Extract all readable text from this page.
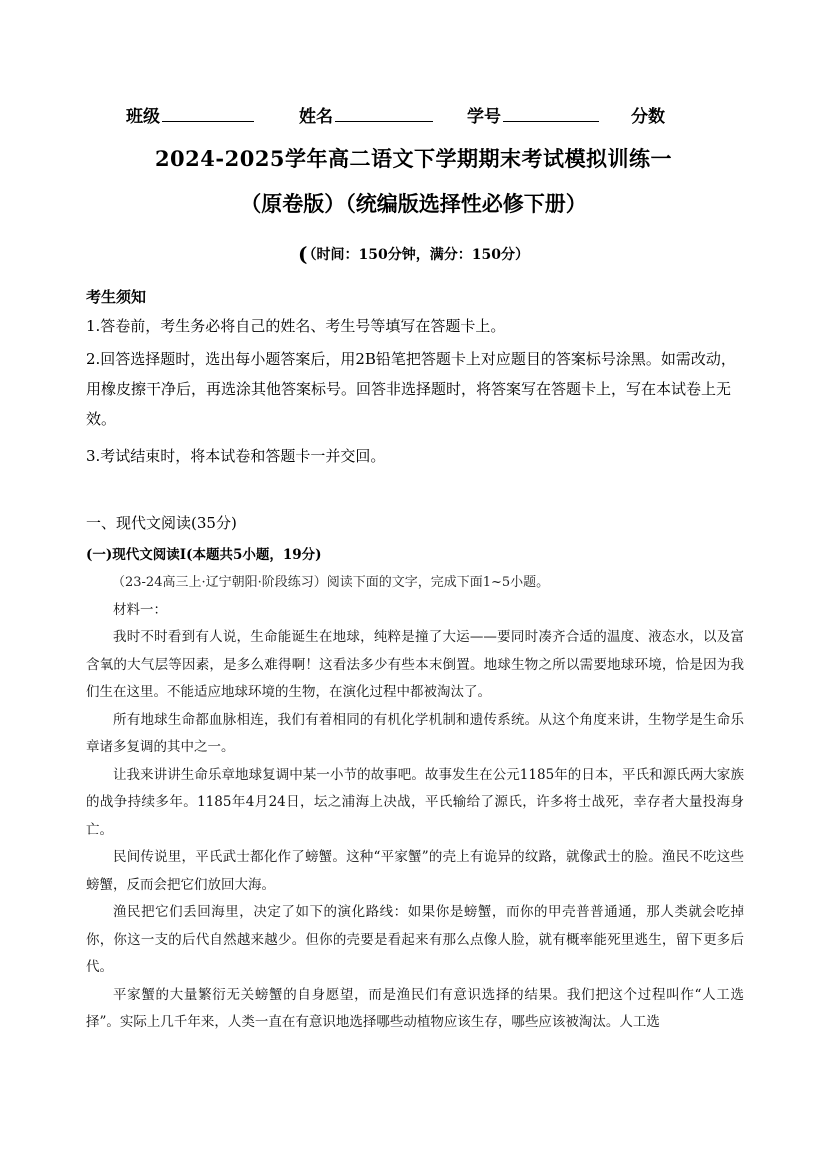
班级	姓名	学号	分数
2024-2025学年高二语文下学期期末考试模拟训练一
（原卷版）（统编版选择性必修下册）
( （时间：150分钟，满分：150分）
考生须知

1.答卷前，考生务必将自己的姓名、考生号等填写在答题卡上。

2.回答选择题时，选出每小题答案后，用2B铅笔把答题卡上对应题目的答案标号涂黑。如需改动，用橡皮擦干净后，再选涂其他答案标号。回答非选择题时，将答案写在答题卡上，写在本试卷上无效。

3.考试结束时，将本试卷和答题卡一并交回。

一、现代文阅读(35分)
(一)现代文阅读Ⅰ(本题共5小题，19分)

（23-24高三上·辽宁朝阳·阶段练习）阅读下面的文字，完成下面1~5小题。

材料一：

我时不时看到有人说，生命能诞生在地球，纯粹是撞了大运——要同时凑齐合适的温度、液态水，以及富含氧的大气层等因素，是多么难得啊！这看法多少有些本末倒置。地球生物之所以需要地球环境，恰是因为我们生在这里。不能适应地球环境的生物，在演化过程中都被淘汰了。

所有地球生命都血脉相连，我们有着相同的有机化学机制和遗传系统。从这个角度来讲，生物学是生命乐章诸多复调的其中之一。

让我来讲讲生命乐章地球复调中某一小节的故事吧。故事发生在公元1185年的日本，平氏和源氏两大家族的战争持续多年。1185年4月24日，坛之浦海上决战，平氏输给了源氏，许多将士战死，幸存者大量投海身亡。

民间传说里，平氏武士都化作了螃蟹。这种“平家蟹”的壳上有诡异的纹路，就像武士的脸。渔民不吃这些螃蟹，反而会把它们放回大海。

渔民把它们丢回海里，决定了如下的演化路线：如果你是螃蟹，而你的甲壳普普通通，那人类就会吃掉你，你这一支的后代自然越来越少。但你的壳要是看起来有那么点像人脸，就有概率能死里逃生，留下更多后代。

平家蟹的大量繁衍无关螃蟹的自身愿望，而是渔民们有意识选择的结果。我们把这个过程叫作“人工选择”。实际上几千年来，人类一直在有意识地选择哪些动植物应该生存，哪些应该被淘汰。人工选
